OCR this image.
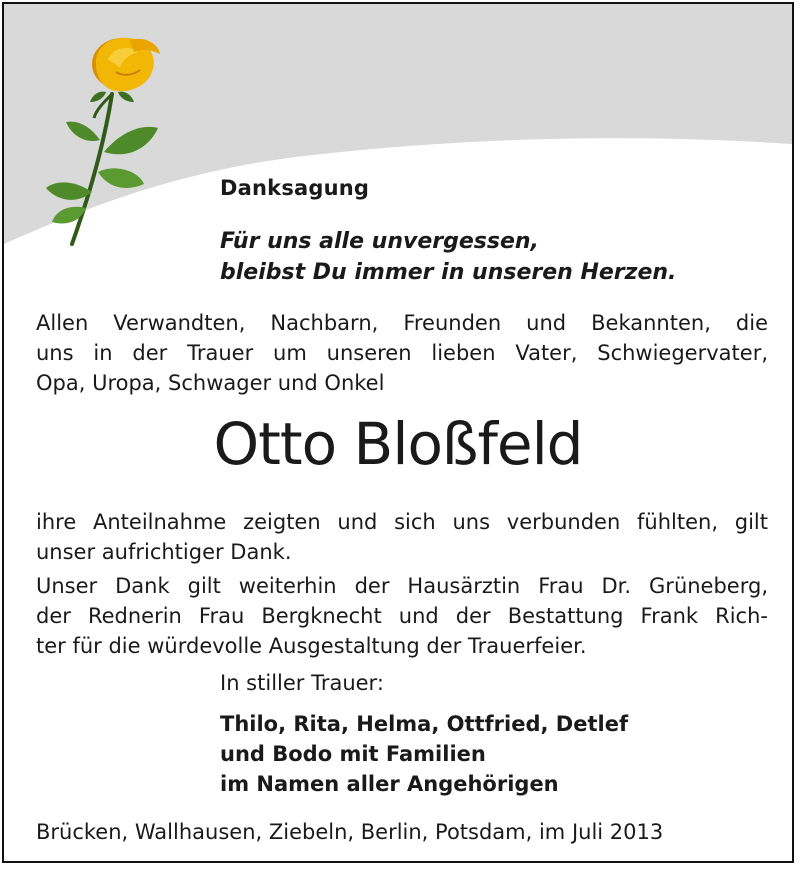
Danksagung
Für uns alle unvergessen,
bleibst Du immer in unseren Herzen.
Allen Verwandten, Nachbarn, Freunden und Bekannten, die
uns in der Trauer um unseren lieben Vater, Schwiegervater,
Opa, Uropa, Schwager und Onkel
Otto Bloßfeld
ihre Anteilnahme zeigten und sich uns verbunden fühlten, gilt
unser aufrichtiger Dank.
Unser Dank gilt weiterhin der Hausärztin Frau Dr. Grüneberg,
der Rednerin Frau Bergknecht und der Bestattung Frank Rich-
ter für die würdevolle Ausgestaltung der Trauerfeier.
In stiller Trauer:
Thilo, Rita, Helma, Ottfried, Detlef
und Bodo mit Familien
im Namen aller Angehörigen
Brücken, Wallhausen, Ziebeln, Berlin, Potsdam, im Juli 2013
